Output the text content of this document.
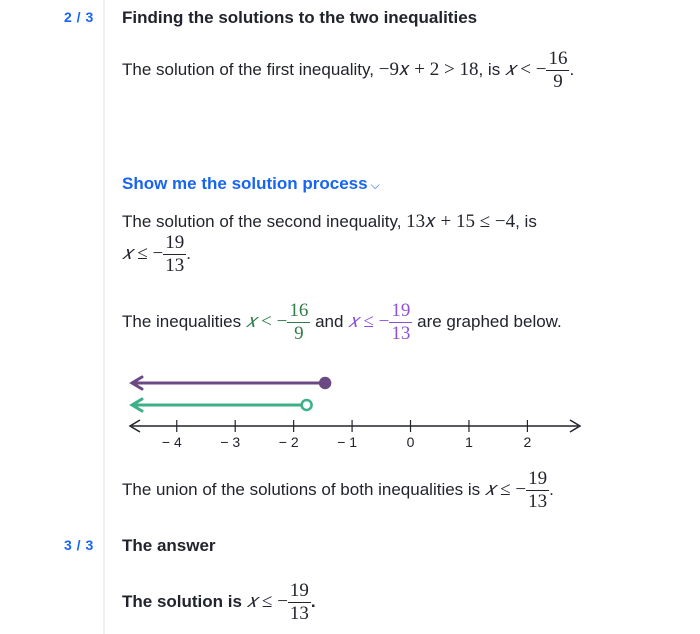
2 / 3 Finding the solutions to the two inequalities
The solution of the first inequality, −9𝑥 + 2 > 18, is 𝑥 < − $\frac{16}{9}$ .
Show me the solution process ⌵
The solution of the second inequality, 13𝑥 + 15 ≤ −4, is
𝑥 ≤ − $\frac{19}{13}$ .
The inequalities 𝑥 < − $\frac{16}{9}$ and 𝑥 ≤ − $\frac{19}{13}$ are graphed below.
− 4	− 3	− 2	− 1	0	1	2
The union of the solutions of both inequalities is 𝑥 ≤ − $\frac{19}{13}$ .
3 / 3 The answer
The solution is 𝑥 ≤ − $\frac{19}{13}$ .
